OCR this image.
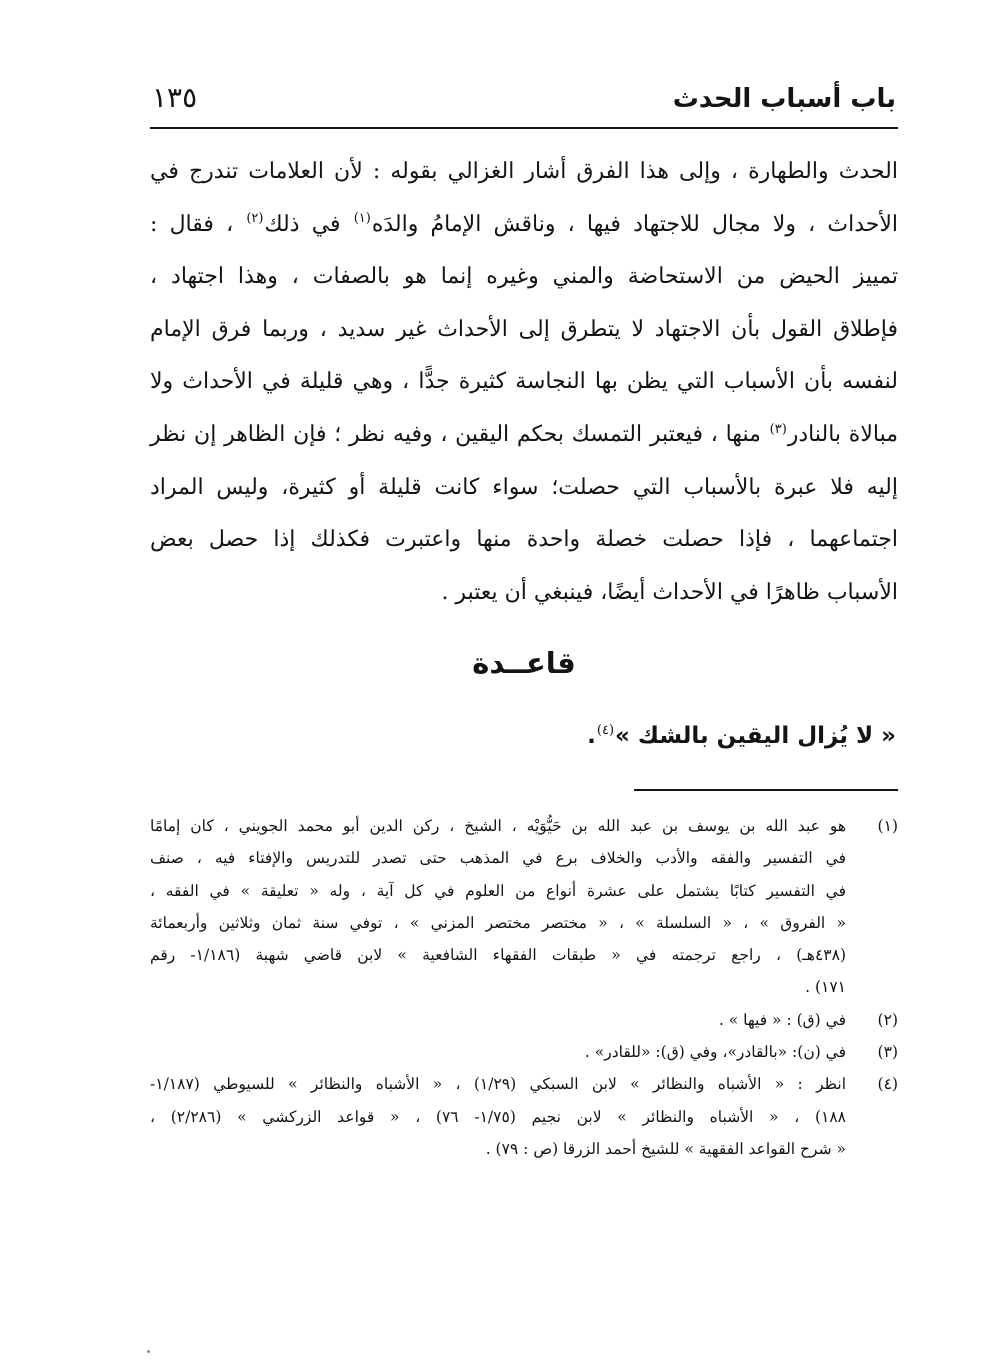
باب أسباب الحدث
١٣٥
الحدث والطهارة ، وإلى هذا الفرق أشار الغزالي بقوله : لأن العلامات تندرج في
الأحداث ، ولا مجال للاجتهاد فيها ، وناقش الإمامُ والدَه$^{(١)}$ في ذلك$^{(٢)}$ ، فقال :
تمييز الحيض من الاستحاضة والمني وغيره إنما هو بالصفات ، وهذا اجتهاد ،
فإطلاق القول بأن الاجتهاد لا يتطرق إلى الأحداث غير سديد ، وربما فرق الإمام
لنفسه بأن الأسباب التي يظن بها النجاسة كثيرة جدًّا ، وهي قليلة في الأحداث ولا
مبالاة بالنادر$^{(٣)}$ منها ، فيعتبر التمسك بحكم اليقين ، وفيه نظر ؛ فإن الظاهر إن نظر
إليه فلا عبرة بالأسباب التي حصلت؛ سواء كانت قليلة أو كثيرة، وليس المراد
اجتماعهما ، فإذا حصلت خصلة واحدة منها واعتبرت فكذلك إذا حصل بعض
الأسباب ظاهرًا في الأحداث أيضًا، فينبغي أن يعتبر .
قاعــدة
« لا يُزال اليقين بالشك »$^{(٤)}$.
(١)
هو عبد الله بن يوسف بن عبد الله بن حَيُّوَيْه ، الشيخ ، ركن الدين أبو محمد الجويني ، كان إمامًا
في التفسير والفقه والأدب والخلاف برع في المذهب حتى تصدر للتدريس والإفتاء فيه ، صنف
في التفسير كتابًا يشتمل على عشرة أنواع من العلوم في كل آية ، وله « تعليقة » في الفقه ،
« الفروق » ، « السلسلة » ، « مختصر مختصر المزني » ، توفي سنة ثمان وثلاثين وأربعمائة
(٤٣٨هـ) ، راجع ترجمته في « طبقات الفقهاء الشافعية » لابن قاضي شهبة (١/١٨٦- رقم
١٧١) .
(٢)
في (ق) : « فيها » .
(٣)
في (ن): «بالقادر»، وفي (ق): «للقادر» .
(٤)
انظر : « الأشباه والنظائر » لابن السبكي (١/٢٩) ، « الأشباه والنظائر » للسيوطي (١/١٨٧-
١٨٨) ، « الأشباه والنظائر » لابن نجيم (١/٧٥- ٧٦) ، « قواعد الزركشي » (٢/٢٨٦) ،
« شرح القواعد الفقهية » للشيخ أحمد الزرقا (ص : ٧٩) .
